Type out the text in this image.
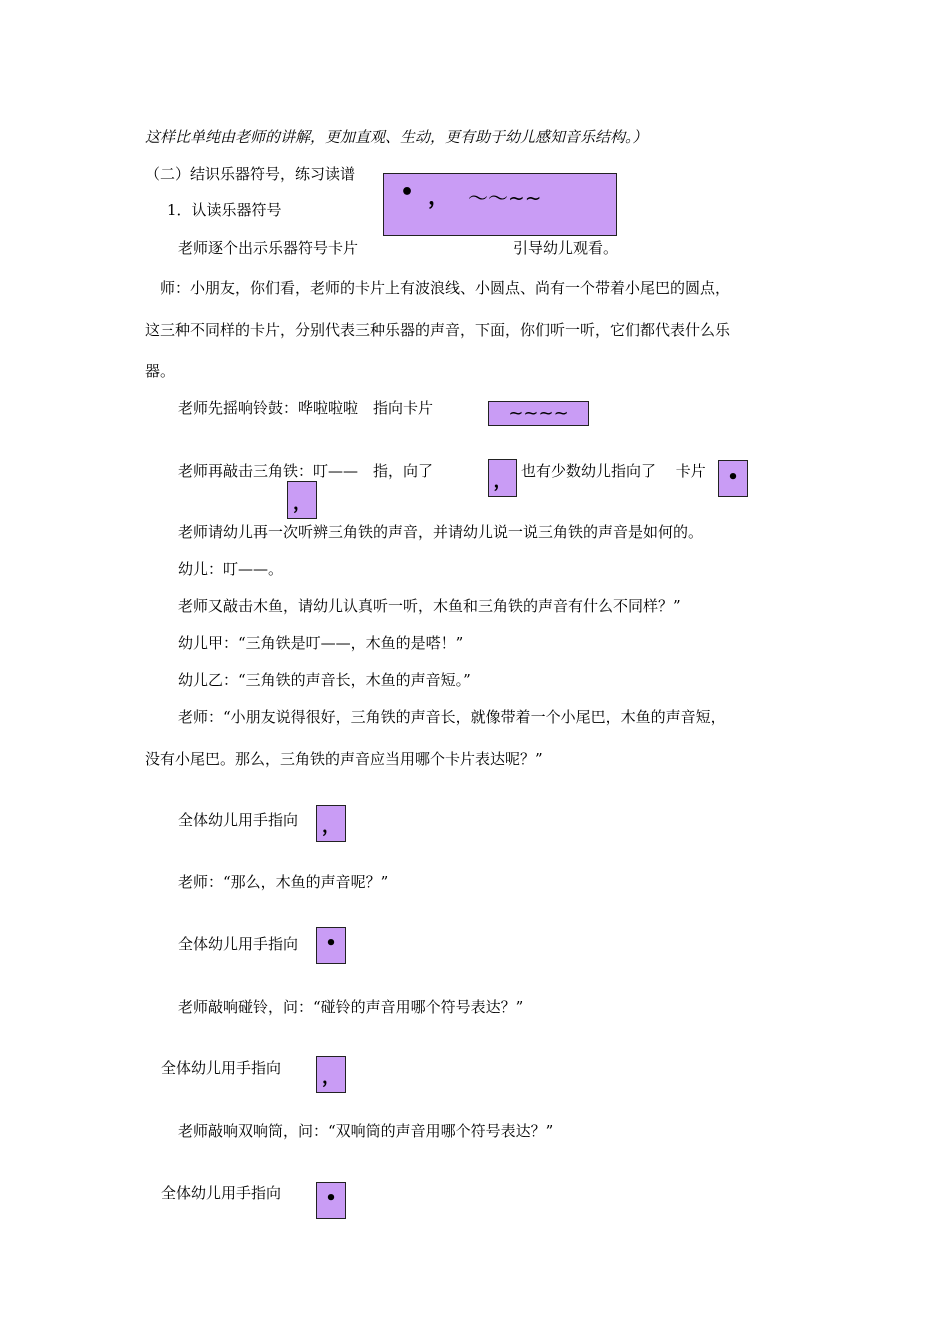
这样比单纯由老师的讲解，更加直观、生动，更有助于幼儿感知音乐结构。）
（二）结识乐器符号，练习读谱
1．认读乐器符号
• ， 〜〜~~
老师逐个出示乐器符号卡片	引导幼儿观看。
师：小朋友，你们看，老师的卡片上有波浪线、小圆点、尚有一个带着小尾巴的圆点，
这三种不同样的卡片，分别代表三种乐器的声音，下面，你们听一听，它们都代表什么乐
器。
老师先摇响铃鼓：哗啦啦啦　指向卡片	~~~~
老师再敲击三角铁：叮——　指，向了	， 也有少数幼儿指向了　 卡片	•
，
老师请幼儿再一次听辨三角铁的声音，并请幼儿说一说三角铁的声音是如何的。
幼儿：叮——。
老师又敲击木鱼，请幼儿认真听一听，木鱼和三角铁的声音有什么不同样？”
幼儿甲：“三角铁是叮——，木鱼的是嗒！”
幼儿乙：“三角铁的声音长，木鱼的声音短。”
老师：“小朋友说得很好，三角铁的声音长，就像带着一个小尾巴，木鱼的声音短，
没有小尾巴。那么，三角铁的声音应当用哪个卡片表达呢？”
全体幼儿用手指向 ，
老师：“那么，木鱼的声音呢？”
全体幼儿用手指向	•
老师敲响碰铃，问：“碰铃的声音用哪个符号表达？”
全体幼儿用手指向 ，
老师敲响双响筒，问：“双响筒的声音用哪个符号表达？”
全体幼儿用手指向	•
